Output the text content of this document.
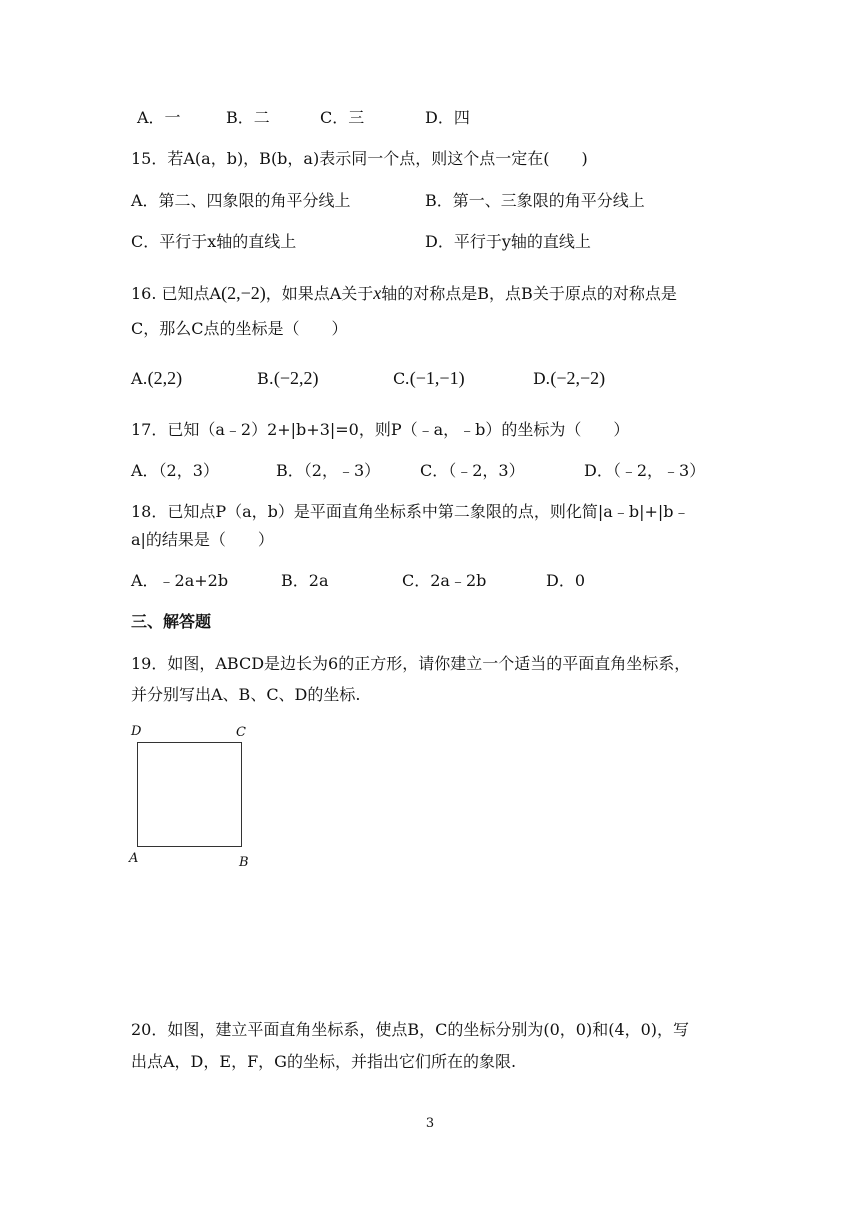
A．一	B．二	C．三	D．四
15．若A(a，b)，B(b，a)表示同一个点，则这个点一定在(　　)
A．第二、四象限的角平分线上	B．第一、三象限的角平分线上
C．平行于x轴的直线上	D．平行于y轴的直线上
16. 已知点A(2,−2)，如果点A关于x轴的对称点是B，点B关于原点的对称点是
C，那么C点的坐标是（　　）
A.(2,2)	B.(−2,2)	C.(−1,−1)	D.(−2,−2)
17．已知（a﹣2）2+|b+3|=0，则P（﹣a，﹣b）的坐标为（　　）
A．（2，3）	B．（2，﹣3） C．（﹣2，3）	D．（﹣2，﹣3）
18．已知点P（a，b）是平面直角坐标系中第二象限的点，则化简|a﹣b|+|b﹣
a|的结果是（　　）
A．﹣2a+2b	B．2a	C．2a﹣2b	D．0
三、解答题
19．如图，ABCD是边长为6的正方形，请你建立一个适当的平面直角坐标系，
并分别写出A、B、C、D的坐标.
D	C
A	B
20．如图，建立平面直角坐标系，使点B，C的坐标分别为(0，0)和(4，0)，写
出点A，D，E，F，G的坐标，并指出它们所在的象限.
3
